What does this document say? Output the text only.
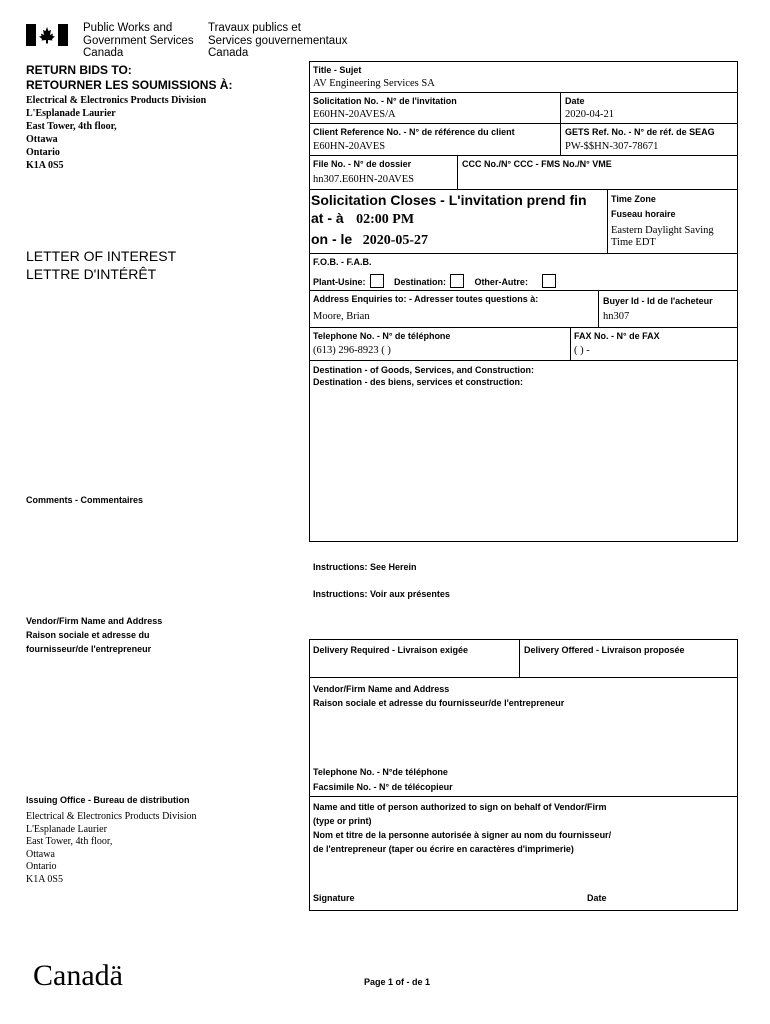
Public Works and
Government Services
Canada
Travaux publics et
Services gouvernementaux
Canada
RETURN BIDS TO:
RETOURNER LES SOUMISSIONS À:
Electrical & Electronics Products Division
L'Esplanade Laurier
East Tower, 4th floor,
Ottawa
Ontario
K1A 0S5
LETTER OF INTEREST
LETTRE D'INTÉRÊT
Comments - Commentaires
Vendor/Firm Name and Address
Raison sociale et adresse du
fournisseur/de l'entrepreneur
Issuing Office - Bureau de distribution
Electrical & Electronics Products Division
L'Esplanade Laurier
East Tower, 4th floor,
Ottawa
Ontario
K1A 0S5
Title - Sujet
AV Engineering Services SA
Solicitation No. - N° de l'invitation
E60HN-20AVES/A
Date
2020-04-21
Client Reference No. - N° de référence du client
E60HN-20AVES
GETS Ref. No. - N° de réf. de SEAG
PW-$$HN-307-78671
File No. - N° de dossier
hn307.E60HN-20AVES
CCC No./N° CCC - FMS No./N° VME
Solicitation Closes - L'invitation prend fin
at - à 02:00 PM
on - le 2020-05-27
Time Zone
Fuseau horaire
Eastern Daylight Saving
Time EDT
F.O.B. - F.A.B.
Plant-Usine:	Destination:	Other-Autre:
Address Enquiries to: - Adresser toutes questions à:
Moore, Brian
Buyer Id - Id de l'acheteur
hn307
Telephone No. - N° de téléphone
(613) 296-8923 ( )
FAX No. - N° de FAX
( ) -
Destination - of Goods, Services, and Construction:
Destination - des biens, services et construction:
Instructions: See Herein
Instructions: Voir aux présentes
Delivery Required - Livraison exigée	Delivery Offered - Livraison proposée
Vendor/Firm Name and Address
Raison sociale et adresse du fournisseur/de l'entrepreneur
Telephone No. - N°de téléphone
Facsimile No. - N° de télécopieur
Name and title of person authorized to sign on behalf of Vendor/Firm
(type or print)
Nom et titre de la personne autorisée à signer au nom du fournisseur/
de l'entrepreneur (taper ou écrire en caractères d'imprimerie)
Signature	Date
Canadä	Page 1 of - de 1
